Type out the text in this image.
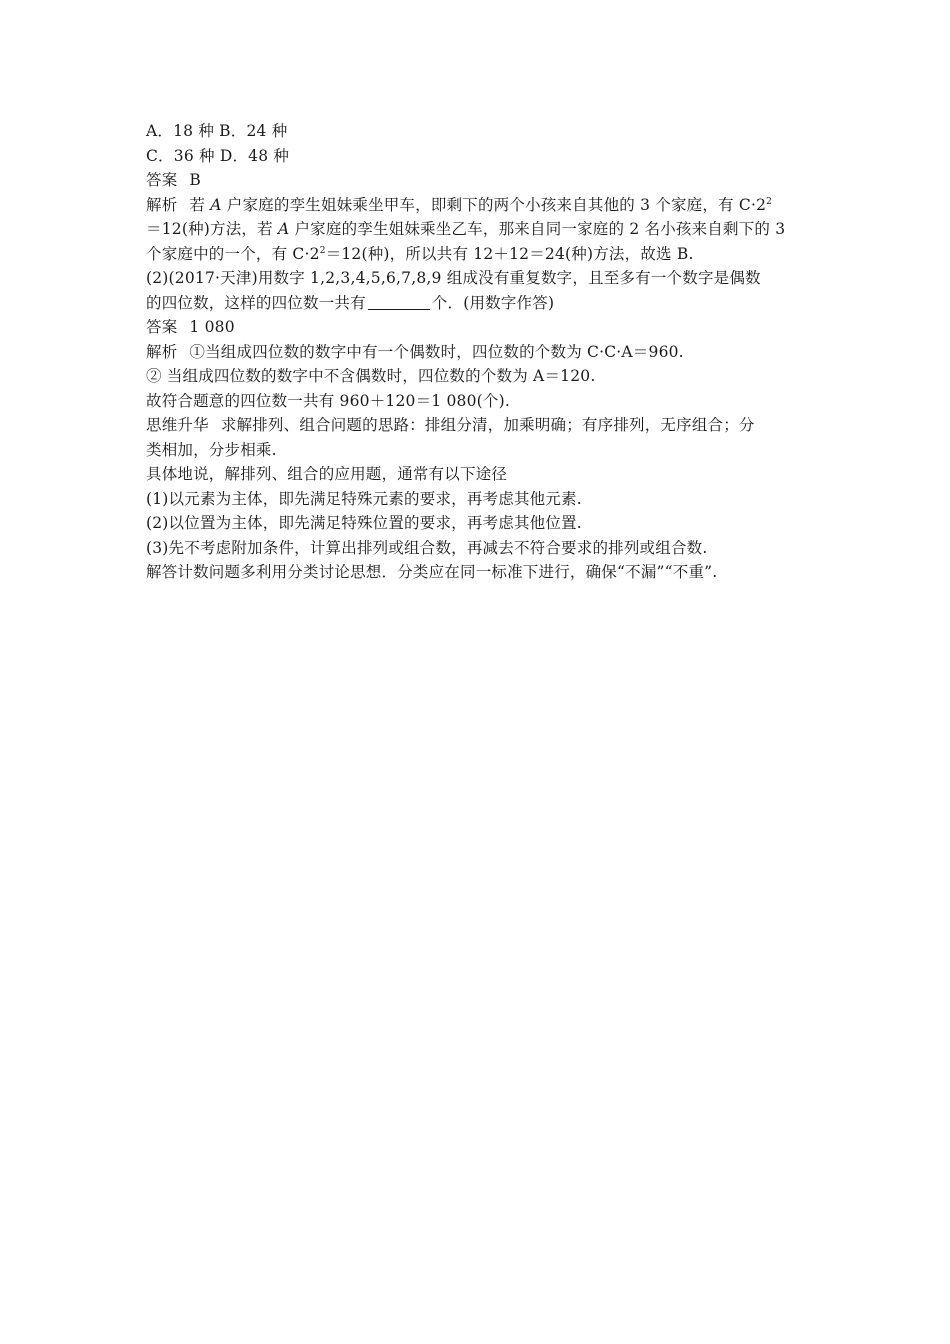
A．18 种 B．24 种
C．36 种 D．48 种
答案 B
解析 若 A 户家庭的孪生姐妹乘坐甲车，即剩下的两个小孩来自其他的 3 个家庭，有 $C\cdot 2^2$
＝12(种)方法，若 A 户家庭的孪生姐妹乘坐乙车，那来自同一家庭的 2 名小孩来自剩下的 3
个家庭中的一个，有 $C\cdot 2^2=12$(种)，所以共有 12＋12＝24(种)方法，故选 B.
(2)(2017·天津)用数字 1,2,3,4,5,6,7,8,9 组成没有重复数字，且至多有一个数字是偶数
的四位数，这样的四位数一共有	个．(用数字作答)
答案 1 080
解析 ①当组成四位数的数字中有一个偶数时，四位数的个数为 C·C·A＝960.
② 当组成四位数的数字中不含偶数时，四位数的个数为 A＝120.
故符合题意的四位数一共有 960＋120＝1 080(个).
思维升华 求解排列、组合问题的思路：排组分清，加乘明确；有序排列，无序组合；分
类相加，分步相乘.
具体地说，解排列、组合的应用题，通常有以下途径
(1)以元素为主体，即先满足特殊元素的要求，再考虑其他元素.
(2)以位置为主体，即先满足特殊位置的要求，再考虑其他位置.
(3)先不考虑附加条件，计算出排列或组合数，再减去不符合要求的排列或组合数.
解答计数问题多利用分类讨论思想．分类应在同一标准下进行，确保“不漏”“不重”.
